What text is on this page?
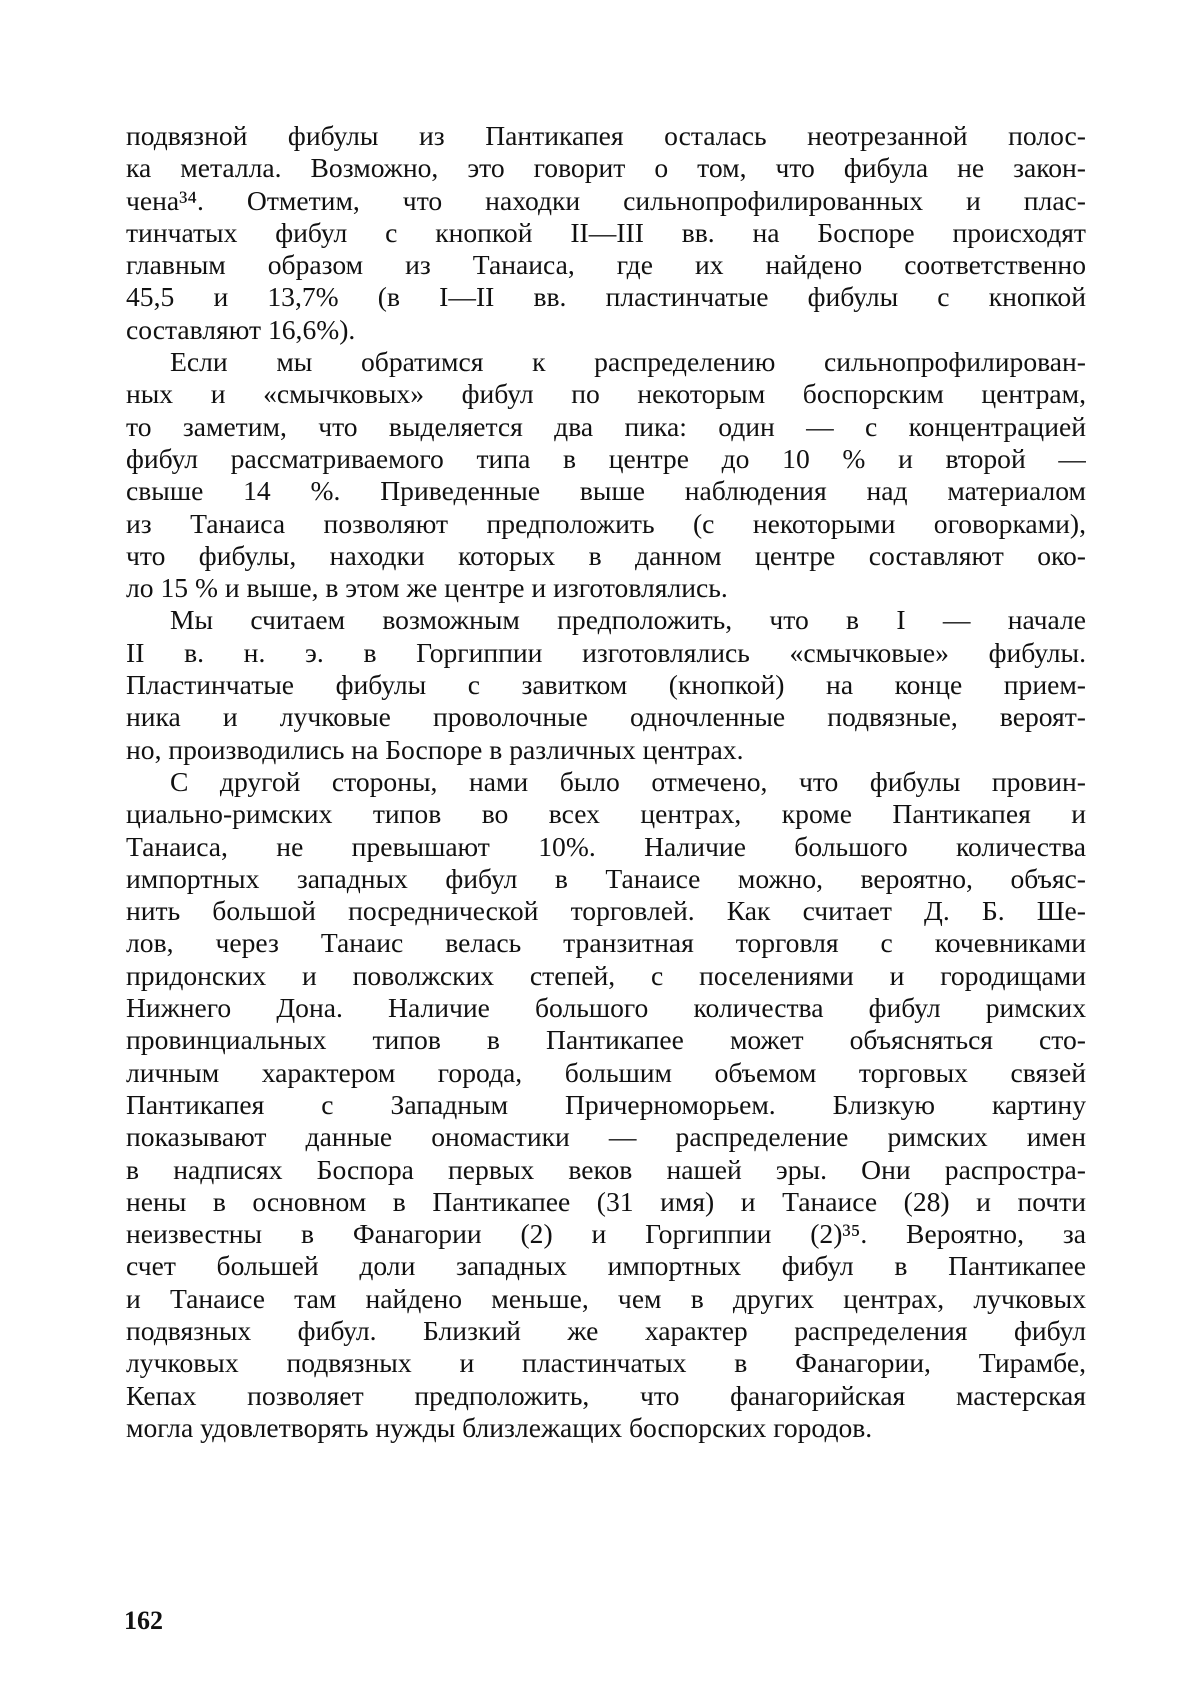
подвязной фибулы из Пантикапея осталась неотрезанной полос-
ка металла. Возможно, это говорит о том, что фибула не закон-
чена³⁴. Отметим, что находки сильнопрофилированных и плас-
тинчатых фибул с кнопкой II—III вв. на Боспоре происходят
главным образом из Танаиса, где их найдено соответственно
45,5 и 13,7% (в I—II вв. пластинчатые фибулы с кнопкой
составляют 16,6%).
Если мы обратимся к распределению сильнопрофилирован-
ных и «смычковых» фибул по некоторым боспорским центрам,
то заметим, что выделяется два пика: один — с концентрацией
фибул рассматриваемого типа в центре до 10 % и второй —
свыше 14 %. Приведенные выше наблюдения над материалом
из Танаиса позволяют предположить (с некоторыми оговорками),
что фибулы, находки которых в данном центре составляют око-
ло 15 % и выше, в этом же центре и изготовлялись.
Мы считаем возможным предположить, что в I — начале
II в. н. э. в Горгиппии изготовлялись «смычковые» фибулы.
Пластинчатые фибулы с завитком (кнопкой) на конце прием-
ника и лучковые проволочные одночленные подвязные, вероят-
но, производились на Боспоре в различных центрах.
С другой стороны, нами было отмечено, что фибулы провин-
циально-римских типов во всех центрах, кроме Пантикапея и
Танаиса, не превышают 10%. Наличие большого количества
импортных западных фибул в Танаисе можно, вероятно, объяс-
нить большой посреднической торговлей. Как считает Д. Б. Ше-
лов, через Танаис велась транзитная торговля с кочевниками
придонских и поволжских степей, с поселениями и городищами
Нижнего Дона. Наличие большого количества фибул римских
провинциальных типов в Пантикапее может объясняться сто-
личным характером города, большим объемом торговых связей
Пантикапея с Западным Причерноморьем. Близкую картину
показывают данные ономастики — распределение римских имен
в надписях Боспора первых веков нашей эры. Они распростра-
нены в основном в Пантикапее (31 имя) и Танаисе (28) и почти
неизвестны в Фанагории (2) и Горгиппии (2)³⁵. Вероятно, за
счет большей доли западных импортных фибул в Пантикапее
и Танаисе там найдено меньше, чем в других центрах, лучковых
подвязных фибул. Близкий же характер распределения фибул
лучковых подвязных и пластинчатых в Фанагории, Тирамбе,
Кепах позволяет предположить, что фанагорийская мастерская
могла удовлетворять нужды близлежащих боспорских городов.
162
